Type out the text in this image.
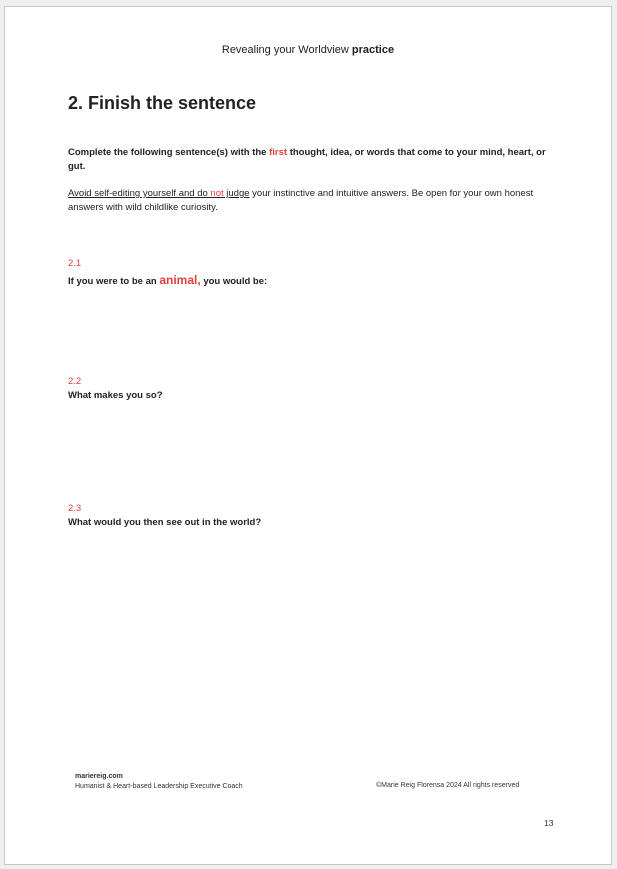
Revealing your Worldview practice
2. Finish the sentence

Complete the following sentence(s) with the first thought, idea, or words that come to your mind, heart, or gut.

Avoid self-editing yourself and do not judge your instinctive and intuitive answers. Be open for your own honest answers with wild childlike curiosity.

2.1
If you were to be an animal, you would be:
2.2
What makes you so?
2.3
What would you then see out in the world?
mariereig.com
Humanist & Heart-based Leadership Executive Coach	©Marie Reig Florensa 2024 All rights reserved
13
